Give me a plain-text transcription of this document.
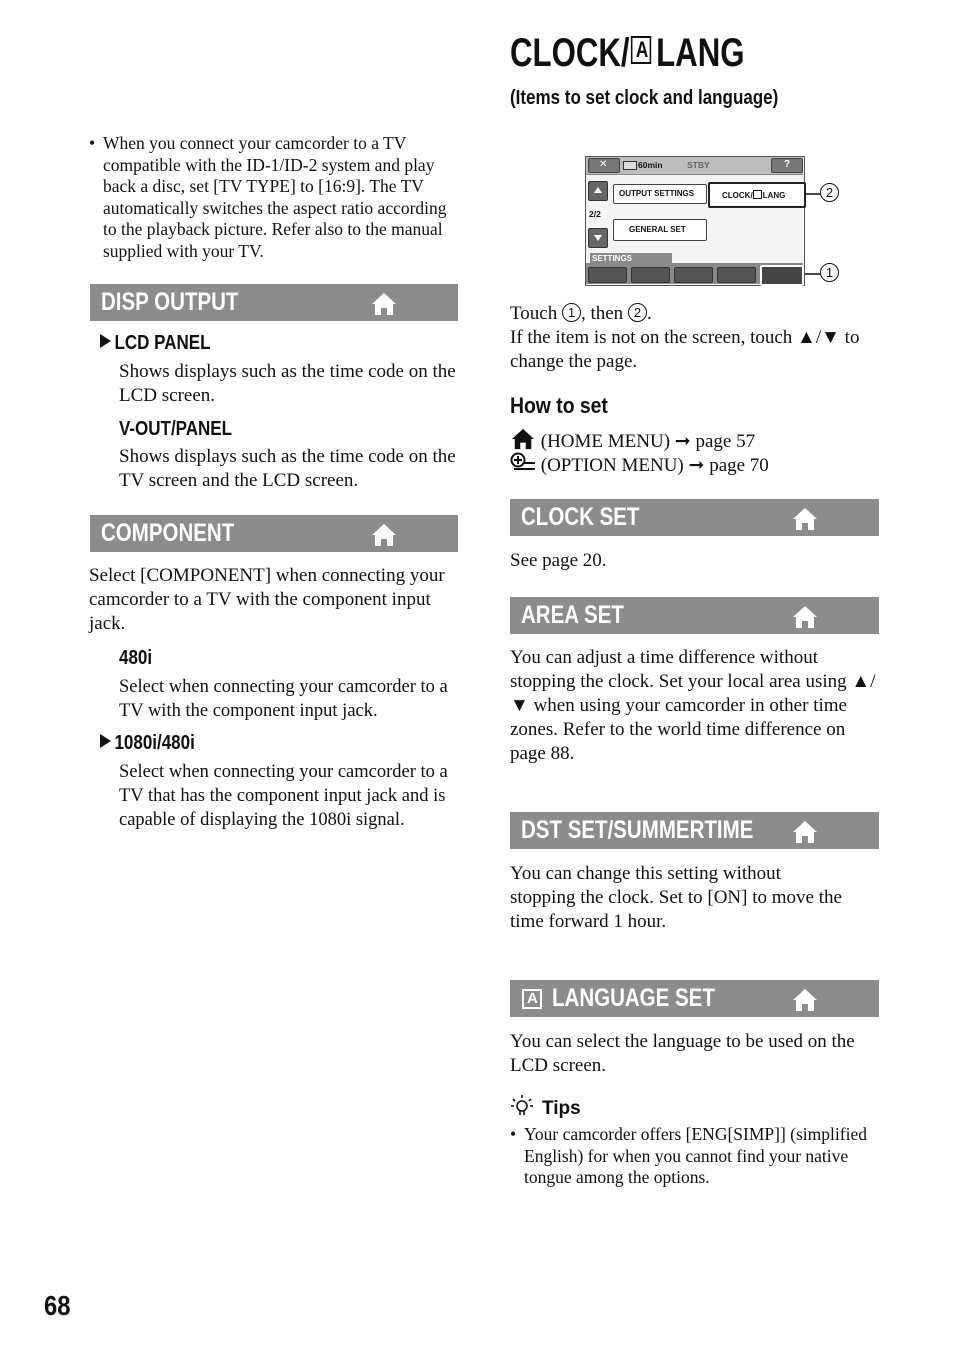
CLOCK/ A LANG
(Items to set clock and language)
• When you connect your camcorder to a TV compatible with the ID-1/ID-2 system and play back a disc, set [TV TYPE] to [16:9]. The TV automatically switches the aspect ratio according to the playback picture. Refer also to the manual supplied with your TV.
DISP OUTPUT
LCD PANEL
Shows displays such as the time code on the LCD screen.
V-OUT/PANEL
Shows displays such as the time code on the TV screen and the LCD screen.
COMPONENT
Select [COMPONENT] when connecting your camcorder to a TV with the component input jack.
480i
Select when connecting your camcorder to a TV with the component input jack.
1080i/480i
Select when connecting your camcorder to a TV that has the component input jack and is capable of displaying the 1080i signal.
✕	60min	STBY	?
2/2
OUTPUT SETTINGS	CLOCK/ LANG
GENERAL SET
SETTINGS
2
1
Touch 1 , then 2 .
If the item is not on the screen, touch ▲/▼ to change the page.
How to set
(HOME MENU) ➞ page 57
(OPTION MENU) ➞ page 70
CLOCK SET
See page 20.
AREA SET
You can adjust a time difference without stopping the clock. Set your local area using ▲/▼ when using your camcorder in other time zones. Refer to the world time difference on page 88.
DST SET/SUMMERTIME
You can change this setting without stopping the clock. Set to [ON] to move the time forward 1 hour.
A LANGUAGE SET
You can select the language to be used on the LCD screen.
Tips
• Your camcorder offers [ENG[SIMP]] (simplified English) for when you cannot find your native tongue among the options.
68
